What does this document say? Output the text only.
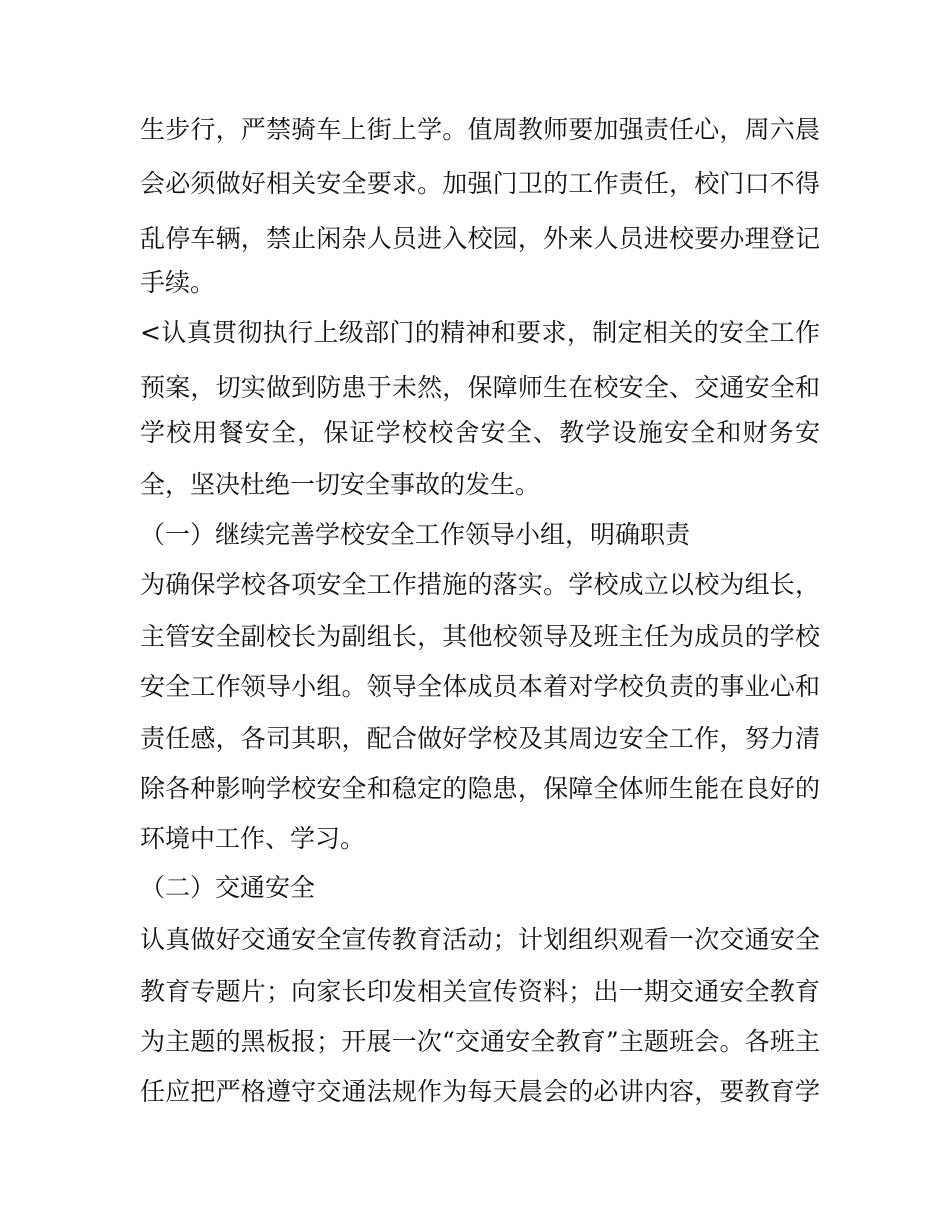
生步行，严禁骑车上街上学。值周教师要加强责任心，周六晨
会必须做好相关安全要求。加强门卫的工作责任，校门口不得
乱停车辆，禁止闲杂人员进入校园，外来人员进校要办理登记
手续。
<认真贯彻执行上级部门的精神和要求，制定相关的安全工作
预案，切实做到防患于未然，保障师生在校安全、交通安全和
学校用餐安全，保证学校校舍安全、教学设施安全和财务安
全，坚决杜绝一切安全事故的发生。
（一）继续完善学校安全工作领导小组，明确职责
为确保学校各项安全工作措施的落实。学校成立以校为组长，
主管安全副校长为副组长，其他校领导及班主任为成员的学校
安全工作领导小组。领导全体成员本着对学校负责的事业心和
责任感，各司其职，配合做好学校及其周边安全工作，努力清
除各种影响学校安全和稳定的隐患，保障全体师生能在良好的
环境中工作、学习。
（二）交通安全
认真做好交通安全宣传教育活动；计划组织观看一次交通安全
教育专题片；向家长印发相关宣传资料；出一期交通安全教育
为主题的黑板报；开展一次“交通安全教育”主题班会。各班主
任应把严格遵守交通法规作为每天晨会的必讲内容，要教育学
